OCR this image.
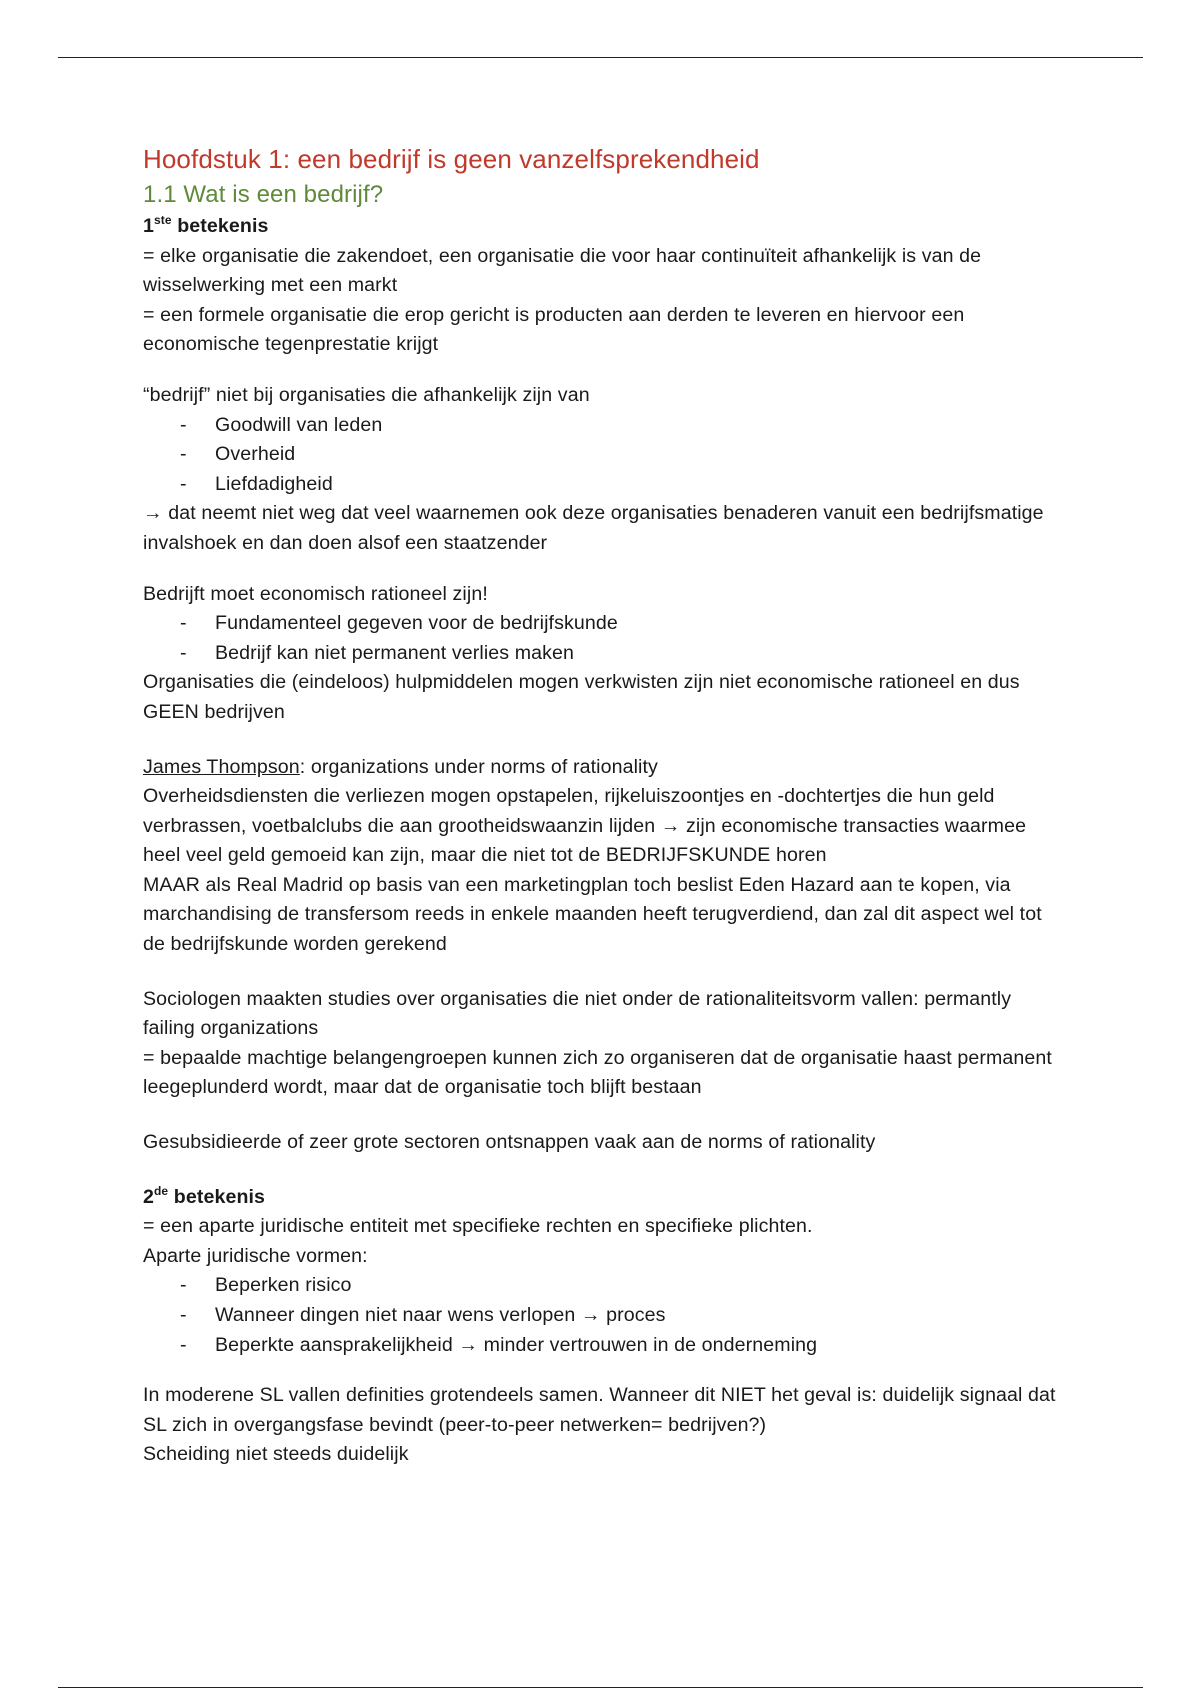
Hoofdstuk 1: een bedrijf is geen vanzelfsprekendheid
1.1 Wat is een bedrijf?

1ste betekenis

= elke organisatie die zakendoet, een organisatie die voor haar continuïteit afhankelijk is van de wisselwerking met een markt

= een formele organisatie die erop gericht is producten aan derden te leveren en hiervoor een economische tegenprestatie krijgt

“bedrijf” niet bij organisaties die afhankelijk zijn van

- Goodwill van leden
- Overheid
- Liefdadigheid

→ dat neemt niet weg dat veel waarnemen ook deze organisaties benaderen vanuit een bedrijfsmatige invalshoek en dan doen alsof een staatzender

Bedrijft moet economisch rationeel zijn!

- Fundamenteel gegeven voor de bedrijfskunde
- Bedrijf kan niet permanent verlies maken

Organisaties die (eindeloos) hulpmiddelen mogen verkwisten zijn niet economische rationeel en dus GEEN bedrijven

James Thompson: organizations under norms of rationality

Overheidsdiensten die verliezen mogen opstapelen, rijkeluiszoontjes en -dochtertjes die hun geld verbrassen, voetbalclubs die aan grootheidswaanzin lijden → zijn economische transacties waarmee heel veel geld gemoeid kan zijn, maar die niet tot de BEDRIJFSKUNDE horen

MAAR als Real Madrid op basis van een marketingplan toch beslist Eden Hazard aan te kopen, via marchandising de transfersom reeds in enkele maanden heeft terugverdiend, dan zal dit aspect wel tot de bedrijfskunde worden gerekend

Sociologen maakten studies over organisaties die niet onder de rationaliteitsvorm vallen: permantly failing organizations

= bepaalde machtige belangengroepen kunnen zich zo organiseren dat de organisatie haast permanent leegeplunderd wordt, maar dat de organisatie toch blijft bestaan

Gesubsidieerde of zeer grote sectoren ontsnappen vaak aan de norms of rationality

2de betekenis

= een aparte juridische entiteit met specifieke rechten en specifieke plichten.

Aparte juridische vormen:

- Beperken risico
- Wanneer dingen niet naar wens verlopen → proces
- Beperkte aansprakelijkheid → minder vertrouwen in de onderneming

In moderene SL vallen definities grotendeels samen. Wanneer dit NIET het geval is: duidelijk signaal dat SL zich in overgangsfase bevindt (peer-to-peer netwerken= bedrijven?)

Scheiding niet steeds duidelijk
